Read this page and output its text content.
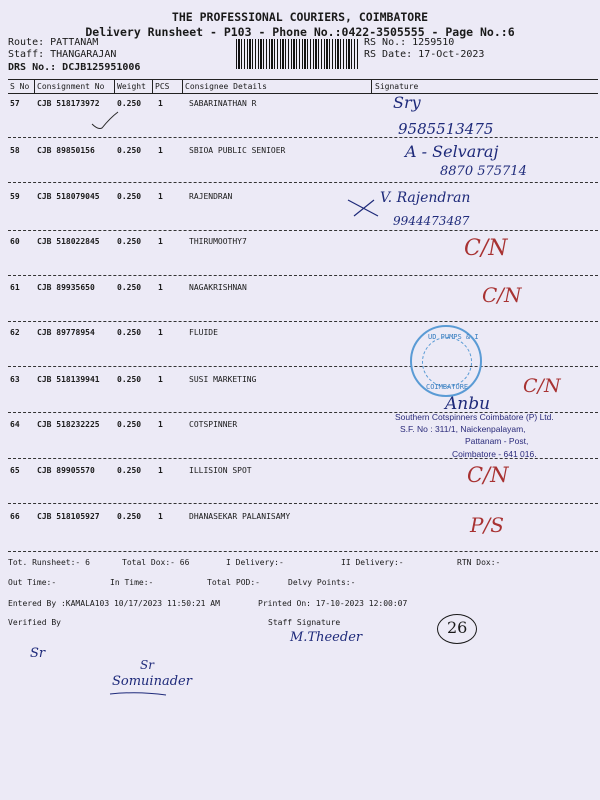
THE PROFESSIONAL COURIERS, COIMBATORE
Delivery Runsheet - P103 - Phone No.:0422-3505555 - Page No.:6
Route: PATTANAM
Staff: THANGARAJAN
DRS No.: DCJB125951006
RS No.: 1259510
RS Date: 17-Oct-2023
S No Consignment No Weight PCS Consignee Details	Signature
57 CJB 518173972 0.250 1	SABARINATHAN R
58 CJB 89850156	0.250 1	SBIOA PUBLIC SENIOER
59 CJB 518079045 0.250 1	RAJENDRAN
60 CJB 518022845 0.250 1	THIRUMOOTHY7
61 CJB 89935650	0.250 1	NAGAKRISHNAN
62 CJB 89778954	0.250 1	FLUIDE
63 CJB 518139941 0.250 1	SUSI MARKETING
64 CJB 518232225 0.250 1	COTSPINNER
65 CJB 89905570	0.250 1	ILLISION SPOT
66 CJB 518105927 0.250 1	DHANASEKAR PALANISAMY
Sry
9585513475
A - Selvaraj
8870 575714
V. Rajendran
9944473487
C/N
C/N
C/N
Anbu
C/N
P/S
UD PUMPS & I
COIMBATORE
Southern Cotspinners Coimbatore (P) Ltd.
S.F. No : 311/1, Naickenpalayam,
Pattanam - Post,
Coimbatore - 641 016.
Tot. Runsheet:- 6	Total Dox:- 66	I Delivery:-	II Delivery:-	RTN Dox:-
Out Time:-	In Time:-	Total POD:-	Delvy Points:-
Entered By :KAMALA103 10/17/2023 11:50:21 AM	Printed On: 17-10-2023 12:00:07
Verified By	Staff Signature
M.Theeder
26
Sr
Sr
Somuinader
